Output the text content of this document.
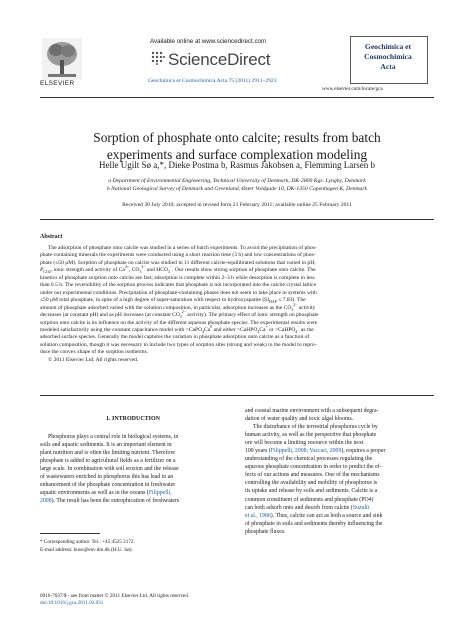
ELSEVIER
Available online at www.sciencedirect.com
ScienceDirect
Geochimica et Cosmochimica Acta 75 (2011) 2911–2923
Geochimica et
Cosmochimica
Acta
www.elsevier.com/locate/gca
Sorption of phosphate onto calcite; results from batch
experiments and surface complexation modeling
Helle Ugilt Sø a,*, Dieke Postma b, Rasmus Jakobsen a, Flemming Larsen b
a Department of Environmental Engineering, Technical University of Denmark, DK-2800 Kgs. Lyngby, Denmark
b National Geological Survey of Denmark and Greenland, Øster Voldgade 10, DK-1350 Copenhagen K, Denmark
Received 30 July 2010; accepted in revised form 21 February 2011; available online 25 February 2011
Abstract
The adsorption of phosphate onto calcite was studied in a series of batch experiments. To avoid the precipitation of phos-
phate-containing minerals the experiments were conducted using a short reaction time (3 h) and low concentrations of phos-
phate (≤50 μM). Sorption of phosphate on calcite was studied in 11 different calcite-equilibrated solutions that varied in pH,
$P_{CO2}$, ionic strength and activity of $Ca^{2+}$, $CO_3^{2-}$ and $HCO_3^-$. Our results show strong sorption of phosphate onto calcite. The
kinetics of phosphate sorption onto calcite are fast; adsorption is complete within 2–3 h while desorption is complete in less
than 0.5 h. The reversibility of the sorption process indicates that phosphate is not incorporated into the calcite crystal lattice
under our experimental conditions. Precipitation of phosphate-containing phases does not seem to take place in systems with
≤50 μM total phosphate, in spite of a high degree of super-saturation with respect to hydroxyapatite $(SI_{HAP} \le 7.83)$. The
amount of phosphate adsorbed varied with the solution composition, in particular, adsorption increases as the $CO_3^{2-}$ activity
decreases (at constant pH) and as pH increases (at constant $CO_3^{2-}$ activity). The primary effect of ionic strength on phosphate
sorption onto calcite is its influence on the activity of the different aqueous phosphate species. The experimental results were
modeled satisfactorily using the constant capacitance model with $>CaPO_4Ca^0$ and either >CaHPO$_4$Ca+ or >CaHPO$_4$− as the
adsorbed surface species. Generally the model captures the variation in phosphate adsorption onto calcite as a function of
solution composition, though it was necessary to include two types of sorption sites (strong and weak) in the model to repro-
duce the convex shape of the sorption isotherms.
© 2011 Elsevier Ltd. All rights reserved.
1. INTRODUCTION
Phosphorus plays a central role in biological systems, in
soils and aquatic sediments. It is an important element in
plant nutrition and is often the limiting nutrient. Therefore
phosphate is added to agricultural fields as a fertilizer on a
large scale. In combination with soil erosion and the release
of wastewaters enriched in phosphorus this has lead to an
enhancement of the phosphate concentration in freshwater
aquatic environments as well as in the oceans (Filippelli,
2008). The result has been the eutrophication of freshwaters
and coastal marine environment with a subsequent degra-
dation of water quality and toxic algal blooms.
The disturbance of the terrestrial phosphorus cycle by
human activity, as well as the perspective that phosphate
ore will become a limiting resource within the next
100 years (Filippelli, 2008; Vaccari, 2009), requires a proper
understanding of the chemical processes regulating the
aqueous phosphate concentration in order to predict the ef-
fects of our actions and measures. One of the mechanisms
controlling the availability and mobility of phosphorus is
its uptake and release by soils and sediments. Calcite is a
common constituent of sediments and phosphate (PO4)
can both adsorb onto and desorb from calcite (Suzuki
et al., 1986). Thus, calcite can act as both a source and sink
of phosphate in soils and sediments thereby influencing the
phosphate fluxes.
* Corresponding author. Tel.: +45 4525 2172.
E-mail address: huso@env.dtu.dk (H.U. Sø).
0016-7037/$ - see front matter © 2011 Elsevier Ltd. All rights reserved.
doi:10.1016/j.gca.2011.02.031
